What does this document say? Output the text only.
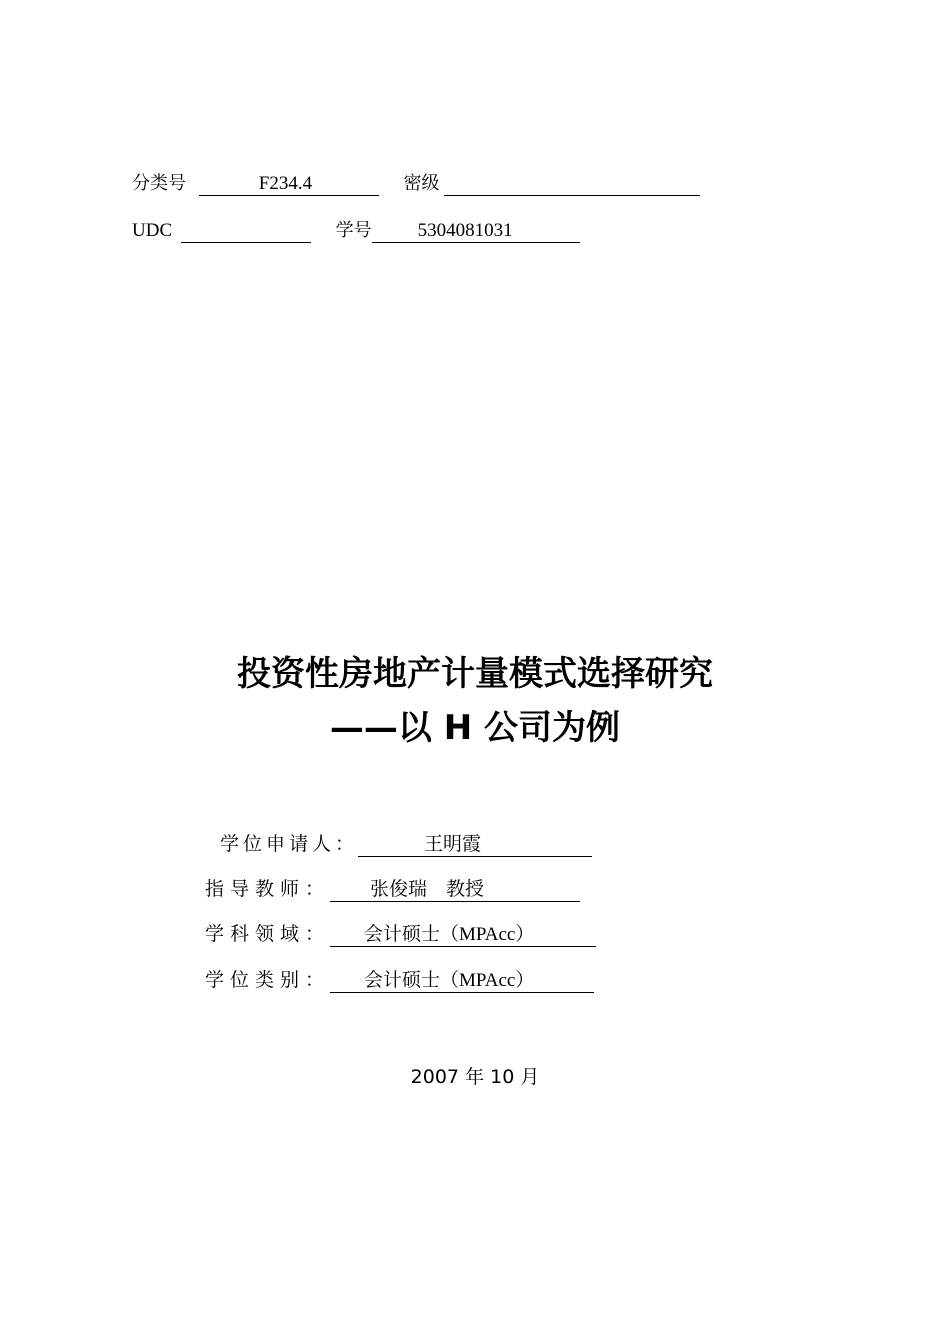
分类号	F234.4	密级
UDC	学号 5304081031
投资性房地产计量模式选择研究
——以 H 公司为例
学位申请人：	王明霞
指导教师： 张俊瑞　教授
学科领域： 会计硕士（MPAcc）
学位类别： 会计硕士（MPAcc）
2007 年 10 月
